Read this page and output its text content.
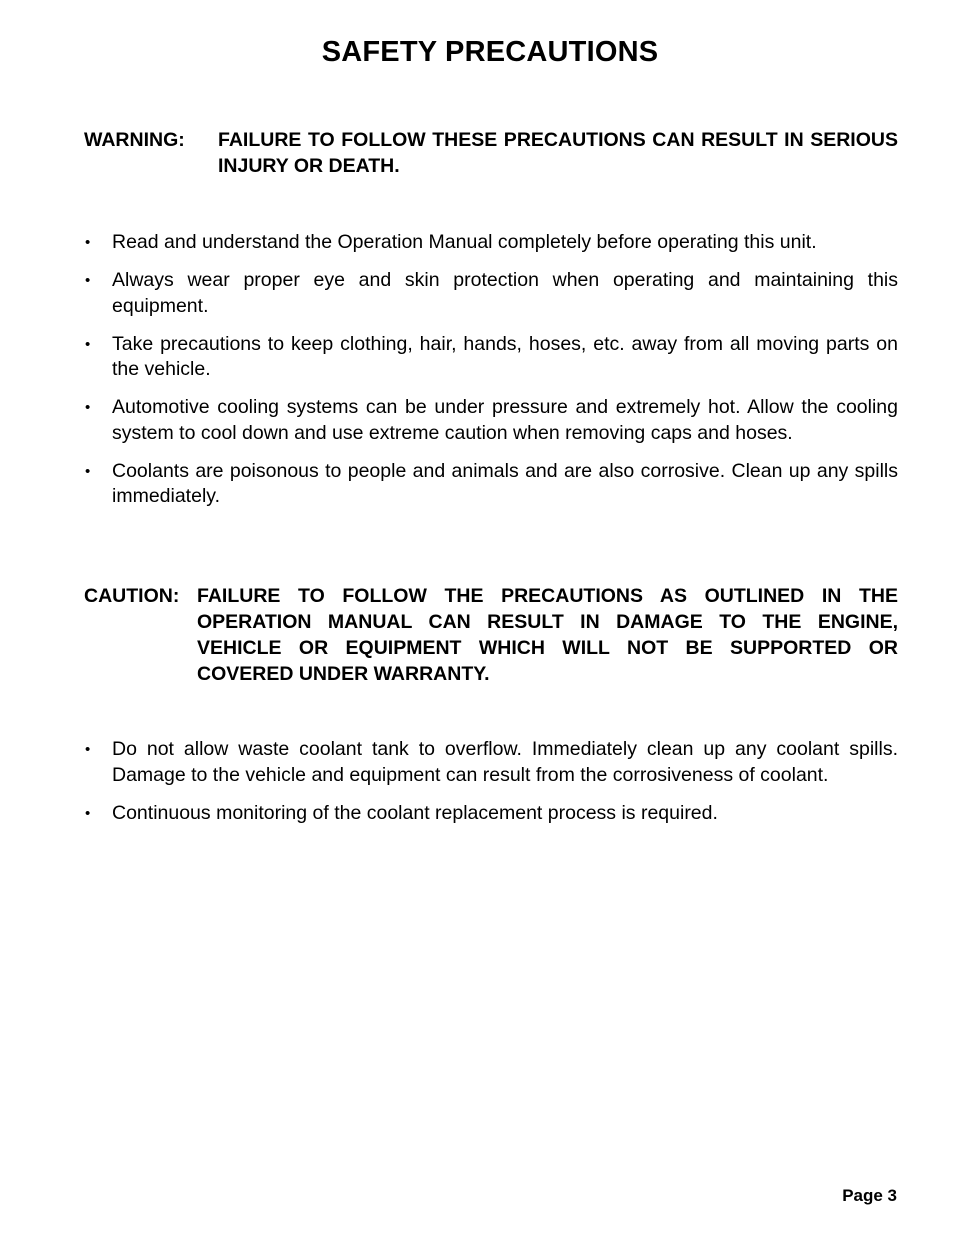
SAFETY PRECAUTIONS
WARNING: FAILURE TO FOLLOW THESE PRECAUTIONS CAN RESULT IN SERIOUS INJURY OR DEATH.
• Read and understand the Operation Manual completely before operating this unit.
• Always wear proper eye and skin protection when operating and maintaining this equipment.
• Take precautions to keep clothing, hair, hands, hoses, etc. away from all moving parts on the vehicle.
• Automotive cooling systems can be under pressure and extremely hot. Allow the cooling system to cool down and use extreme caution when removing caps and hoses.
• Coolants are poisonous to people and animals and are also corrosive. Clean up any spills immediately.
CAUTION: FAILURE TO FOLLOW THE PRECAUTIONS AS OUTLINED IN THE OPERATION MANUAL CAN RESULT IN DAMAGE TO THE ENGINE, VEHICLE OR EQUIPMENT WHICH WILL NOT BE SUPPORTED OR COVERED UNDER WARRANTY.
• Do not allow waste coolant tank to overflow. Immediately clean up any coolant spills. Damage to the vehicle and equipment can result from the corrosiveness of coolant.
• Continuous monitoring of the coolant replacement process is required.
Page 3
